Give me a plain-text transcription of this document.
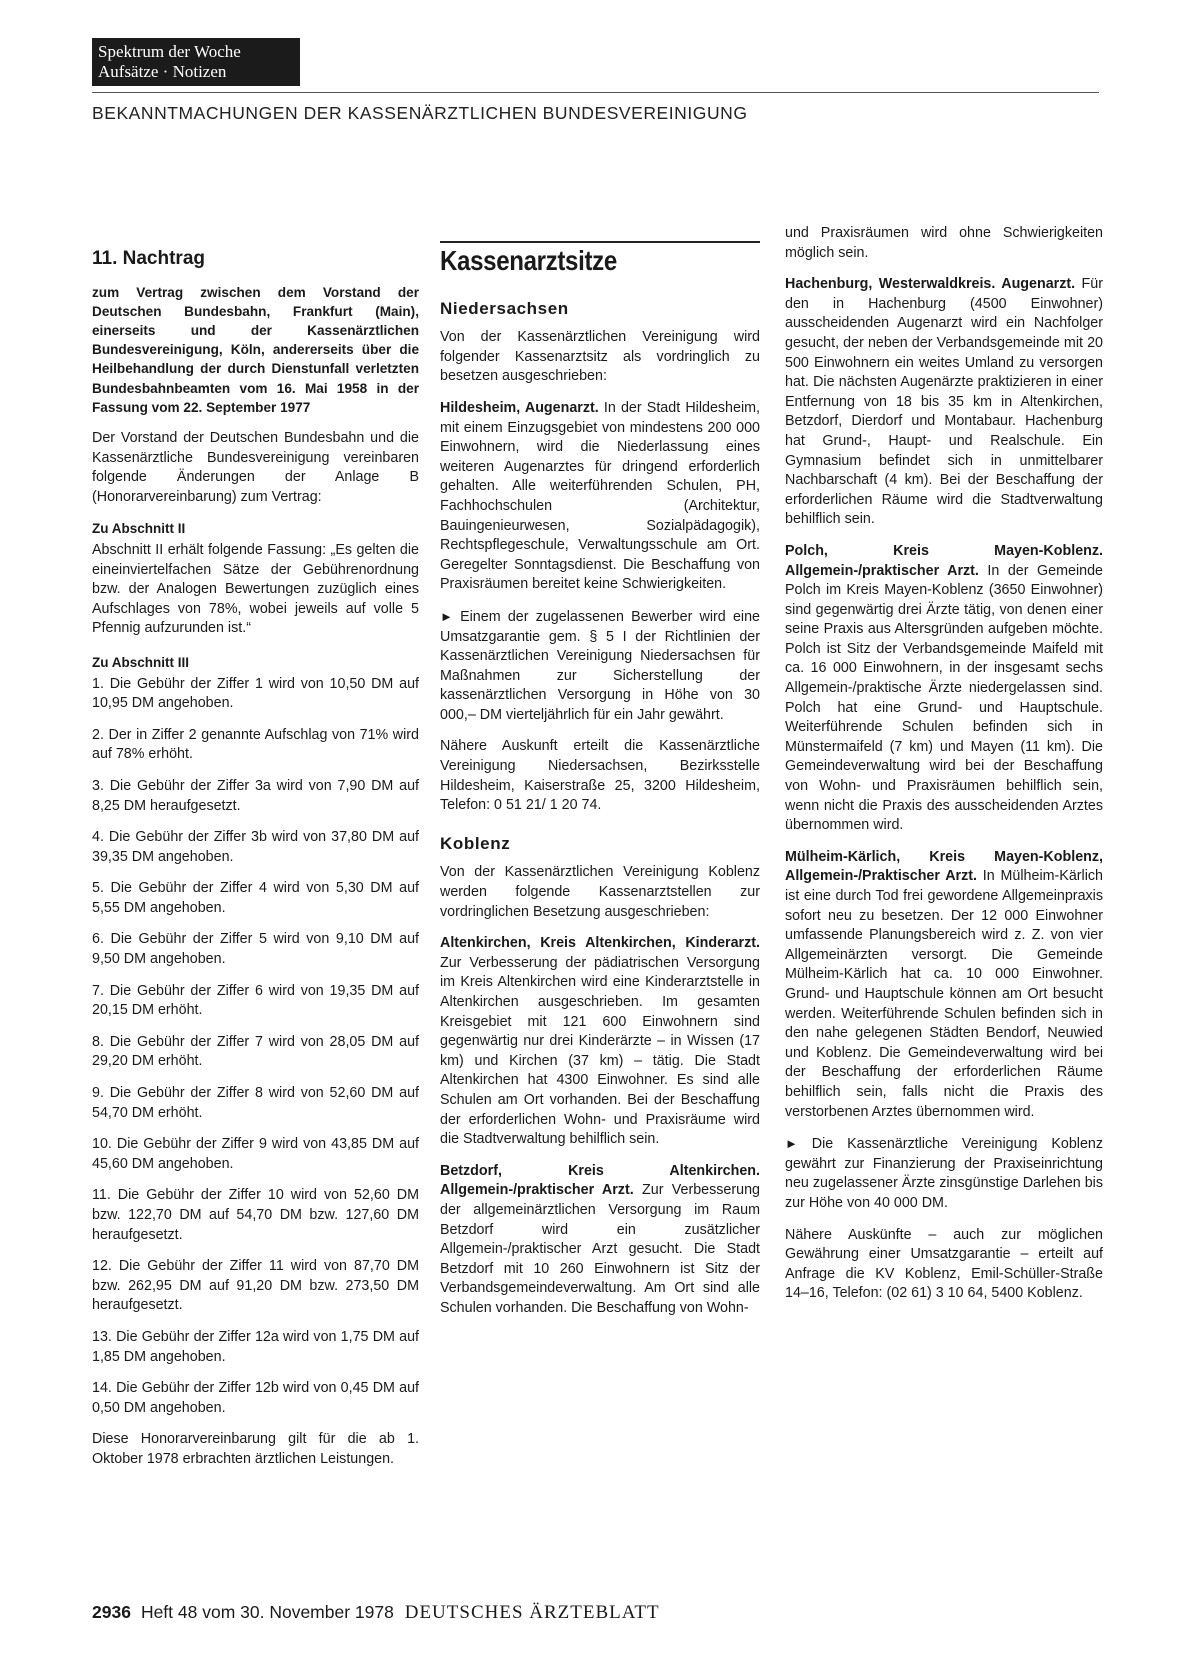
Spektrum der Woche
Aufsätze · Notizen
BEKANNTMACHUNGEN DER KASSENÄRZTLICHEN BUNDESVEREINIGUNG
11. Nachtrag

zum Vertrag zwischen dem Vorstand der Deutschen Bundesbahn, Frankfurt (Main), einerseits und der Kassenärztlichen Bundesvereinigung, Köln, andererseits über die Heilbehandlung der durch Dienstunfall verletzten Bundesbahnbeamten vom 16. Mai 1958 in der Fassung vom 22. September 1977

Der Vorstand der Deutschen Bundesbahn und die Kassenärztliche Bundesvereinigung vereinbaren folgende Änderungen der Anlage B (Honorarvereinbarung) zum Vertrag:

Zu Abschnitt II

Abschnitt II erhält folgende Fassung: „Es gelten die eineinviertelfachen Sätze der Gebührenordnung bzw. der Analogen Bewertungen zuzüglich eines Aufschlages von 78%, wobei jeweils auf volle 5 Pfennig aufzurunden ist.“

Zu Abschnitt III

1. Die Gebühr der Ziffer 1 wird von 10,50 DM auf 10,95 DM angehoben.

2. Der in Ziffer 2 genannte Aufschlag von 71% wird auf 78% erhöht.

3. Die Gebühr der Ziffer 3a wird von 7,90 DM auf 8,25 DM heraufgesetzt.

4. Die Gebühr der Ziffer 3b wird von 37,80 DM auf 39,35 DM angehoben.

5. Die Gebühr der Ziffer 4 wird von 5,30 DM auf 5,55 DM angehoben.

6. Die Gebühr der Ziffer 5 wird von 9,10 DM auf 9,50 DM angehoben.

7. Die Gebühr der Ziffer 6 wird von 19,35 DM auf 20,15 DM erhöht.

8. Die Gebühr der Ziffer 7 wird von 28,05 DM auf 29,20 DM erhöht.

9. Die Gebühr der Ziffer 8 wird von 52,60 DM auf 54,70 DM erhöht.

10. Die Gebühr der Ziffer 9 wird von 43,85 DM auf 45,60 DM angehoben.

11. Die Gebühr der Ziffer 10 wird von 52,60 DM bzw. 122,70 DM auf 54,70 DM bzw. 127,60 DM heraufgesetzt.

12. Die Gebühr der Ziffer 11 wird von 87,70 DM bzw. 262,95 DM auf 91,20 DM bzw. 273,50 DM heraufgesetzt.

13. Die Gebühr der Ziffer 12a wird von 1,75 DM auf 1,85 DM angehoben.

14. Die Gebühr der Ziffer 12b wird von 0,45 DM auf 0,50 DM angehoben.

Diese Honorarvereinbarung gilt für die ab 1. Oktober 1978 erbrachten ärztlichen Leistungen.

Kassenarztsitze
Niedersachsen

Von der Kassenärztlichen Vereinigung wird folgender Kassenarztsitz als vordringlich zu besetzen ausgeschrieben:

Hildesheim, Augenarzt. In der Stadt Hildesheim, mit einem Einzugsgebiet von mindestens 200 000 Einwohnern, wird die Niederlassung eines weiteren Augenarztes für dringend erforderlich gehalten. Alle weiterführenden Schulen, PH, Fachhochschulen (Architektur, Bauingenieurwesen, Sozialpädagogik), Rechtspflegeschule, Verwaltungsschule am Ort. Geregelter Sonntagsdienst. Die Beschaffung von Praxisräumen bereitet keine Schwierigkeiten.

► Einem der zugelassenen Bewerber wird eine Umsatzgarantie gem. § 5 I der Richtlinien der Kassenärztlichen Vereinigung Niedersachsen für Maßnahmen zur Sicherstellung der kassenärztlichen Versorgung in Höhe von 30 000,– DM vierteljährlich für ein Jahr gewährt.

Nähere Auskunft erteilt die Kassenärztliche Vereinigung Niedersachsen, Bezirksstelle Hildesheim, Kaiserstraße 25, 3200 Hildesheim, Telefon: 0 51 21/ 1 20 74.

Koblenz

Von der Kassenärztlichen Vereinigung Koblenz werden folgende Kassenarztstellen zur vordringlichen Besetzung ausgeschrieben:

Altenkirchen, Kreis Altenkirchen, Kinderarzt. Zur Verbesserung der pädiatrischen Versorgung im Kreis Altenkirchen wird eine Kinderarztstelle in Altenkirchen ausgeschrieben. Im gesamten Kreisgebiet mit 121 600 Einwohnern sind gegenwärtig nur drei Kinderärzte – in Wissen (17 km) und Kirchen (37 km) – tätig. Die Stadt Altenkirchen hat 4300 Einwohner. Es sind alle Schulen am Ort vorhanden. Bei der Beschaffung der erforderlichen Wohn- und Praxisräume wird die Stadtverwaltung behilflich sein.

Betzdorf, Kreis Altenkirchen. Allgemein-/praktischer Arzt. Zur Verbesserung der allgemeinärztlichen Versorgung im Raum Betzdorf wird ein zusätzlicher Allgemein-/praktischer Arzt gesucht. Die Stadt Betzdorf mit 10 260 Einwohnern ist Sitz der Verbandsgemeindeverwaltung. Am Ort sind alle Schulen vorhanden. Die Beschaffung von Wohn-

und Praxisräumen wird ohne Schwierigkeiten möglich sein.

Hachenburg, Westerwaldkreis. Augenarzt. Für den in Hachenburg (4500 Einwohner) ausscheidenden Augenarzt wird ein Nachfolger gesucht, der neben der Verbandsgemeinde mit 20 500 Einwohnern ein weites Umland zu versorgen hat. Die nächsten Augenärzte praktizieren in einer Entfernung von 18 bis 35 km in Altenkirchen, Betzdorf, Dierdorf und Montabaur. Hachenburg hat Grund-, Haupt- und Realschule. Ein Gymnasium befindet sich in unmittelbarer Nachbarschaft (4 km). Bei der Beschaffung der erforderlichen Räume wird die Stadtverwaltung behilflich sein.

Polch, Kreis Mayen-Koblenz. Allgemein-/praktischer Arzt. In der Gemeinde Polch im Kreis Mayen-Koblenz (3650 Einwohner) sind gegenwärtig drei Ärzte tätig, von denen einer seine Praxis aus Altersgründen aufgeben möchte. Polch ist Sitz der Verbandsgemeinde Maifeld mit ca. 16 000 Einwohnern, in der insgesamt sechs Allgemein-/praktische Ärzte niedergelassen sind. Polch hat eine Grund- und Hauptschule. Weiterführende Schulen befinden sich in Münstermaifeld (7 km) und Mayen (11 km). Die Gemeindeverwaltung wird bei der Beschaffung von Wohn- und Praxisräumen behilflich sein, wenn nicht die Praxis des ausscheidenden Arztes übernommen wird.

Mülheim-Kärlich, Kreis Mayen-Koblenz, Allgemein-/Praktischer Arzt. In Mülheim-Kärlich ist eine durch Tod frei gewordene Allgemeinpraxis sofort neu zu besetzen. Der 12 000 Einwohner umfassende Planungsbereich wird z. Z. von vier Allgemeinärzten versorgt. Die Gemeinde Mülheim-Kärlich hat ca. 10 000 Einwohner. Grund- und Hauptschule können am Ort besucht werden. Weiterführende Schulen befinden sich in den nahe gelegenen Städten Bendorf, Neuwied und Koblenz. Die Gemeindeverwaltung wird bei der Beschaffung der erforderlichen Räume behilflich sein, falls nicht die Praxis des verstorbenen Arztes übernommen wird.

► Die Kassenärztliche Vereinigung Koblenz gewährt zur Finanzierung der Praxiseinrichtung neu zugelassener Ärzte zinsgünstige Darlehen bis zur Höhe von 40 000 DM.

Nähere Auskünfte – auch zur möglichen Gewährung einer Umsatzgarantie – erteilt auf Anfrage die KV Koblenz, Emil-Schüller-Straße 14–16, Telefon: (02 61) 3 10 64, 5400 Koblenz.

2936 Heft 48 vom 30. November 1978 DEUTSCHES ÄRZTEBLATT
